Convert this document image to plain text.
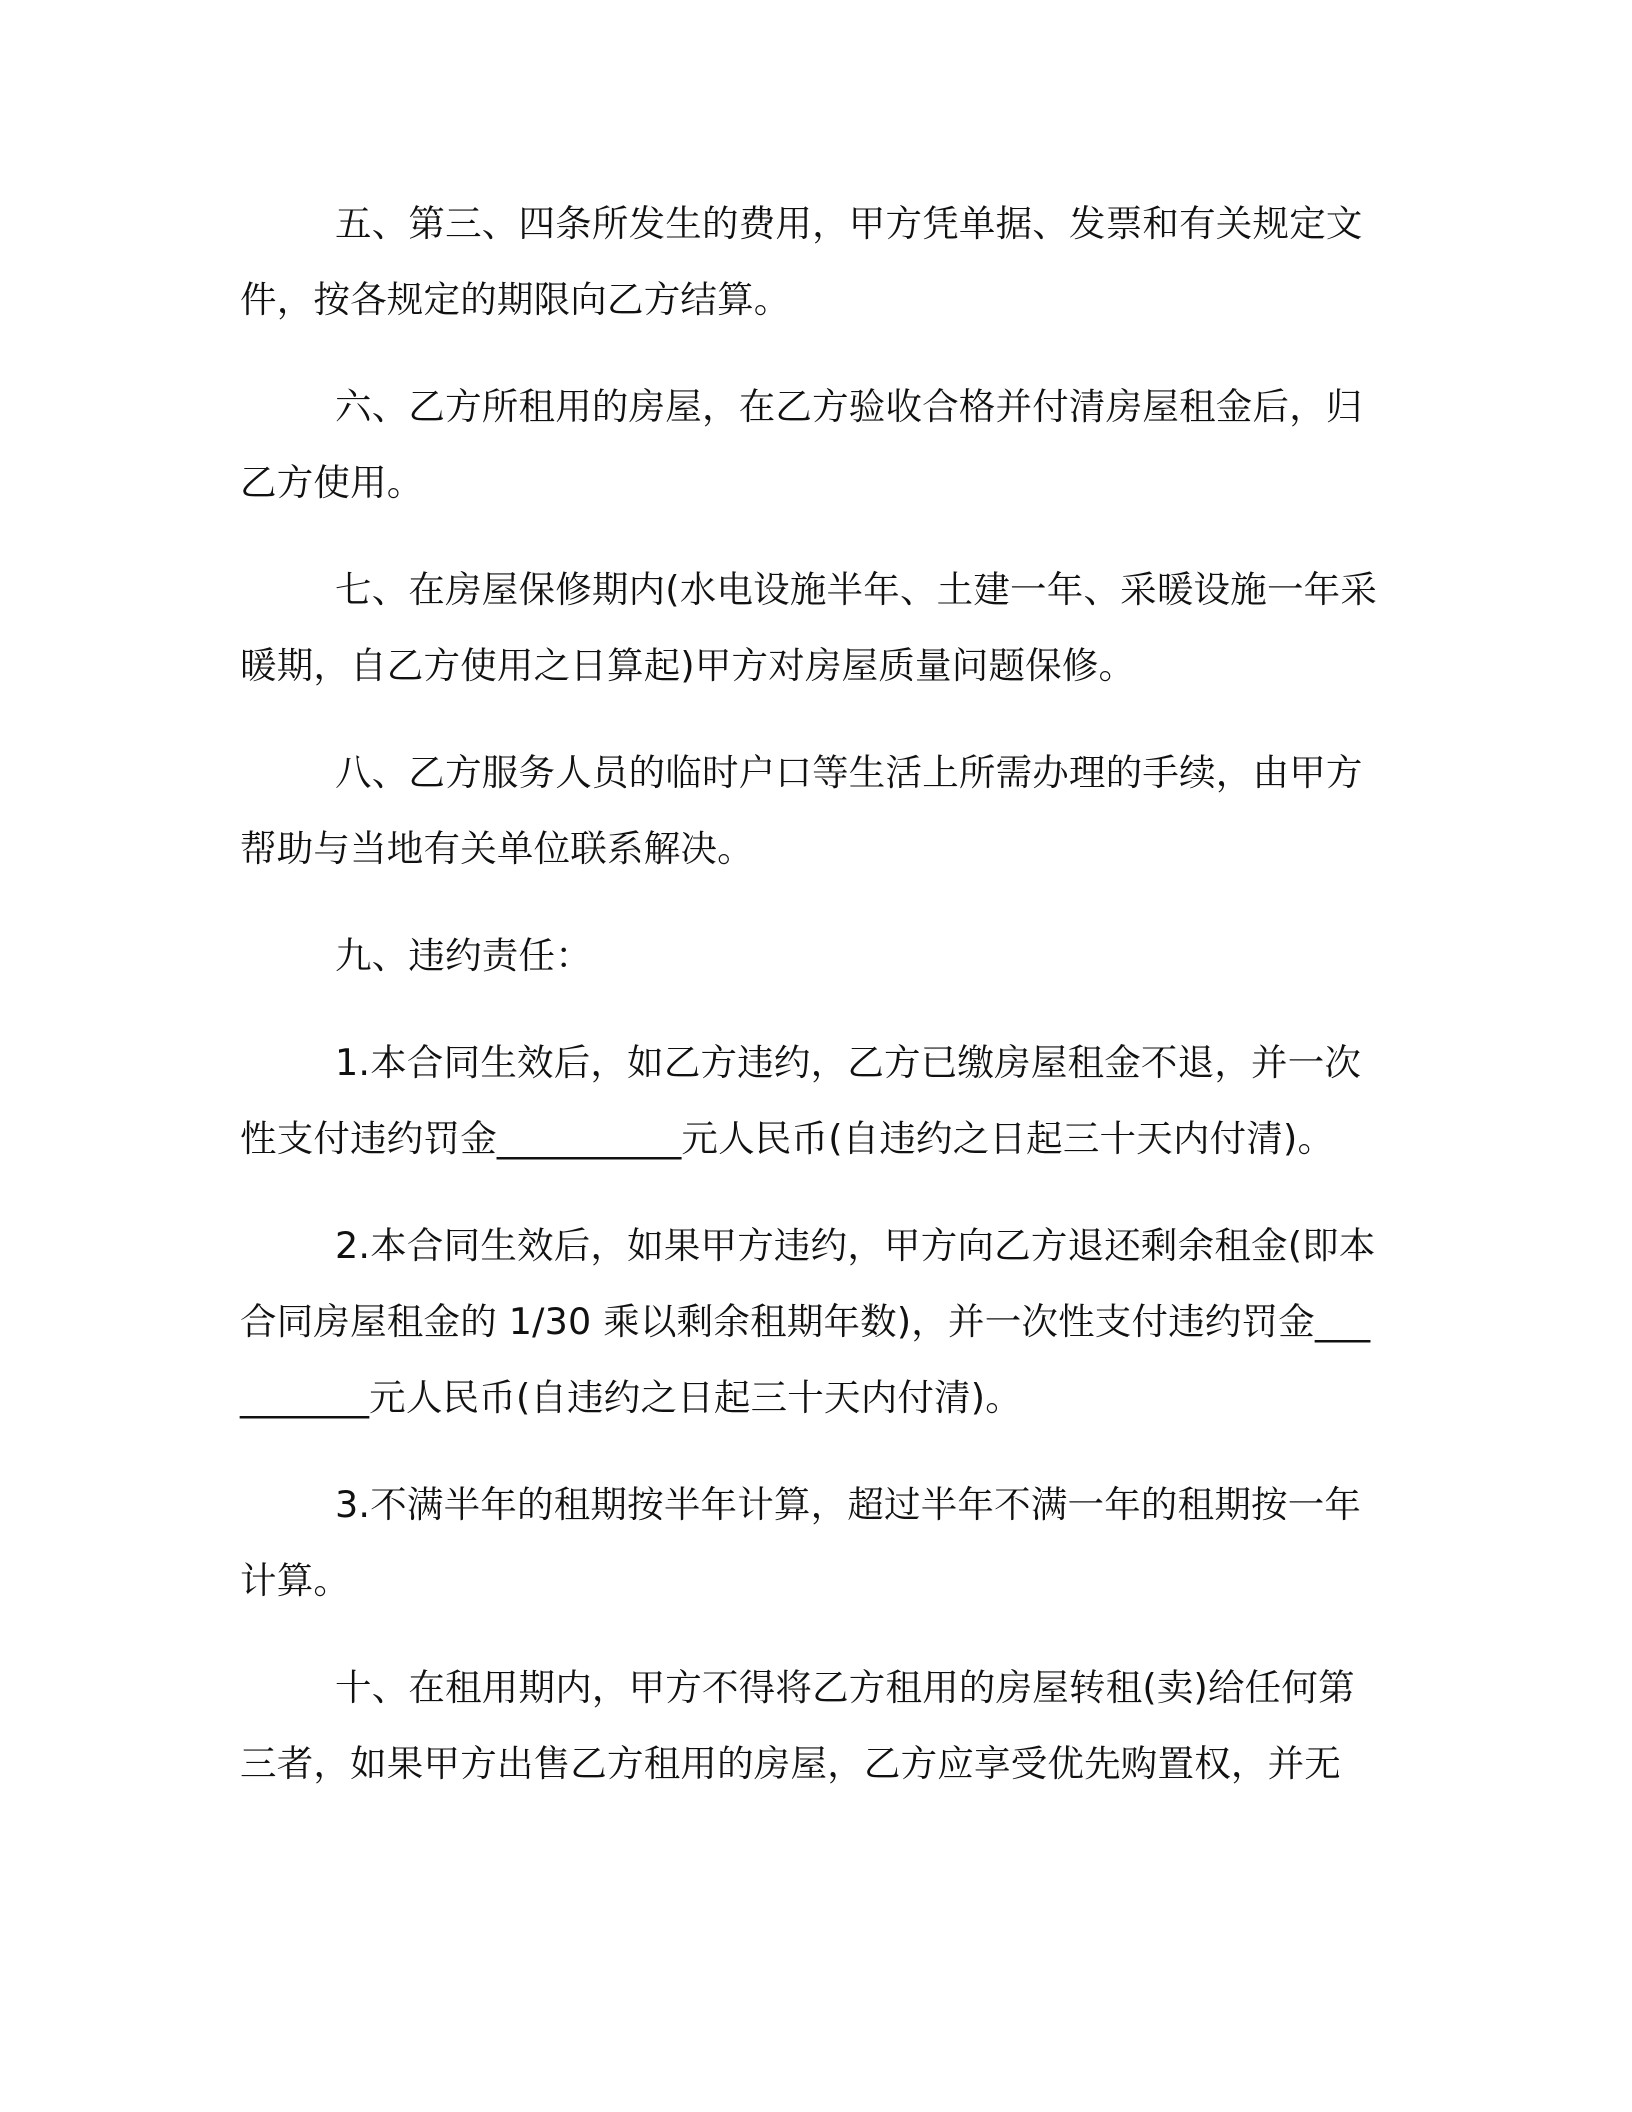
五、第三、四条所发生的费用，甲方凭单据、发票和有关规定文件，按各规定的期限向乙方结算。

六、乙方所租用的房屋，在乙方验收合格并付清房屋租金后，归乙方使用。

七、在房屋保修期内(水电设施半年、土建一年、采暖设施一年采暖期，自乙方使用之日算起)甲方对房屋质量问题保修。

八、乙方服务人员的临时户口等生活上所需办理的手续，由甲方帮助与当地有关单位联系解决。

九、违约责任：

1.本合同生效后，如乙方违约，乙方已缴房屋租金不退，并一次性支付违约罚金__________元人民币(自违约之日起三十天内付清)。

2.本合同生效后，如果甲方违约，甲方向乙方退还剩余租金(即本合同房屋租金的 1/30 乘以剩余租期年数)，并一次性支付违约罚金__________元人民币(自违约之日起三十天内付清)。

3.不满半年的租期按半年计算，超过半年不满一年的租期按一年计算。

十、在租用期内，甲方不得将乙方租用的房屋转租(卖)给任何第三者，如果甲方出售乙方租用的房屋，乙方应享受优先购置权，并无
